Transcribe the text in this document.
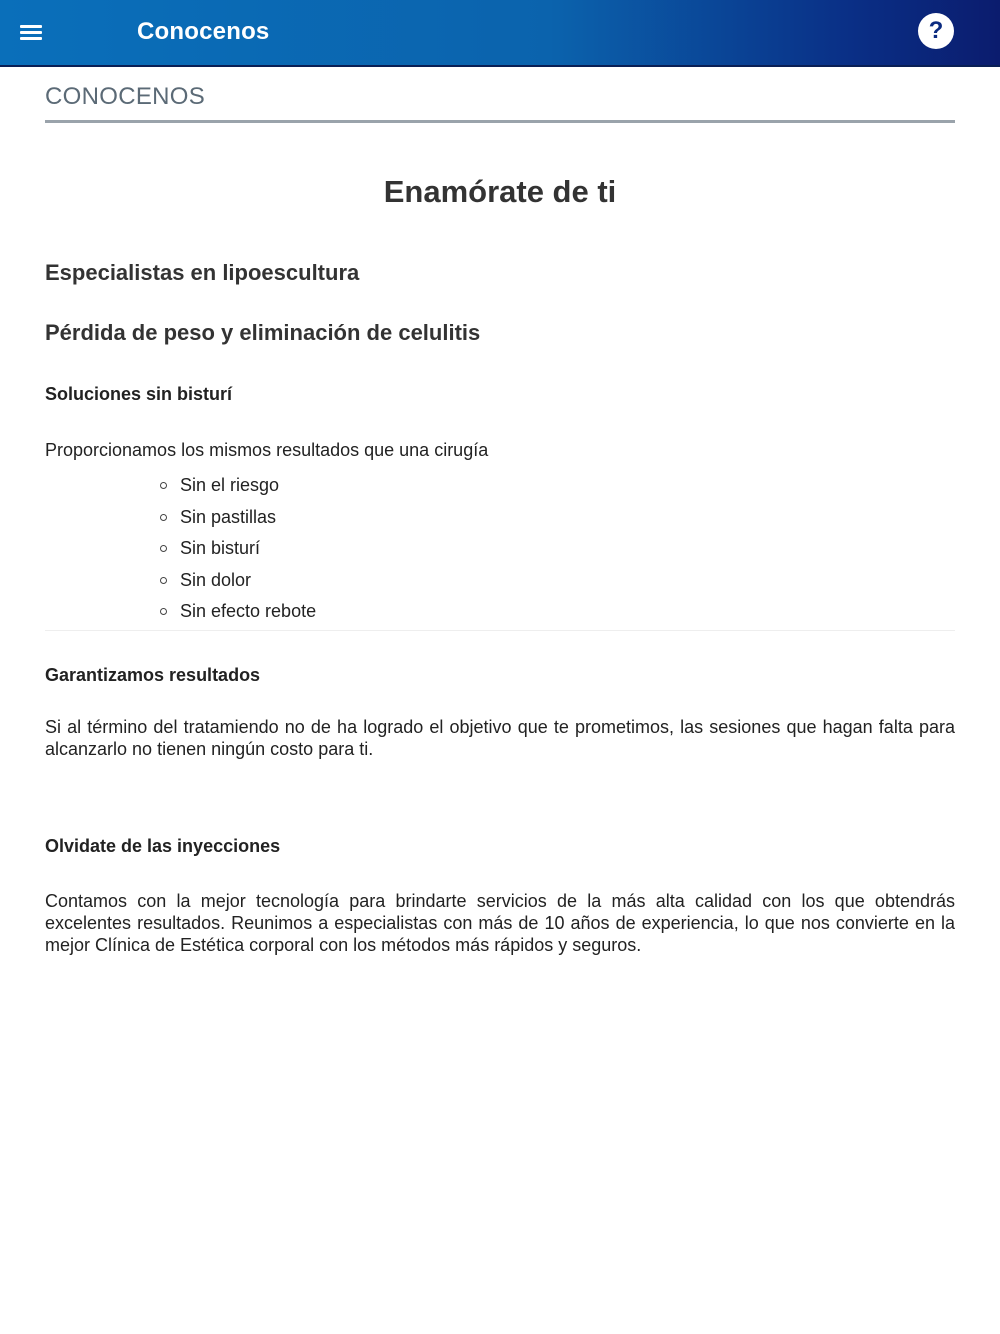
Conocenos	?
CONOCENOS
Enamórate de ti
Especialistas en lipoescultura
Pérdida de peso y eliminación de celulitis
Soluciones sin bisturí
Proporcionamos los mismos resultados que una cirugía
Sin el riesgo
Sin pastillas
Sin bisturí
Sin dolor
Sin efecto rebote
Garantizamos resultados
Si al término del tratamiendo no de ha logrado el objetivo que te prometimos, las sesiones que hagan falta para alcanzarlo no tienen ningún costo para ti.
Olvidate de las inyecciones
Contamos con la mejor tecnología para brindarte servicios de la más alta calidad con los que obtendrás excelentes resultados. Reunimos a especialistas con más de 10 años de experiencia, lo que nos convierte en la mejor Clínica de Estética corporal con los métodos más rápidos y seguros.
